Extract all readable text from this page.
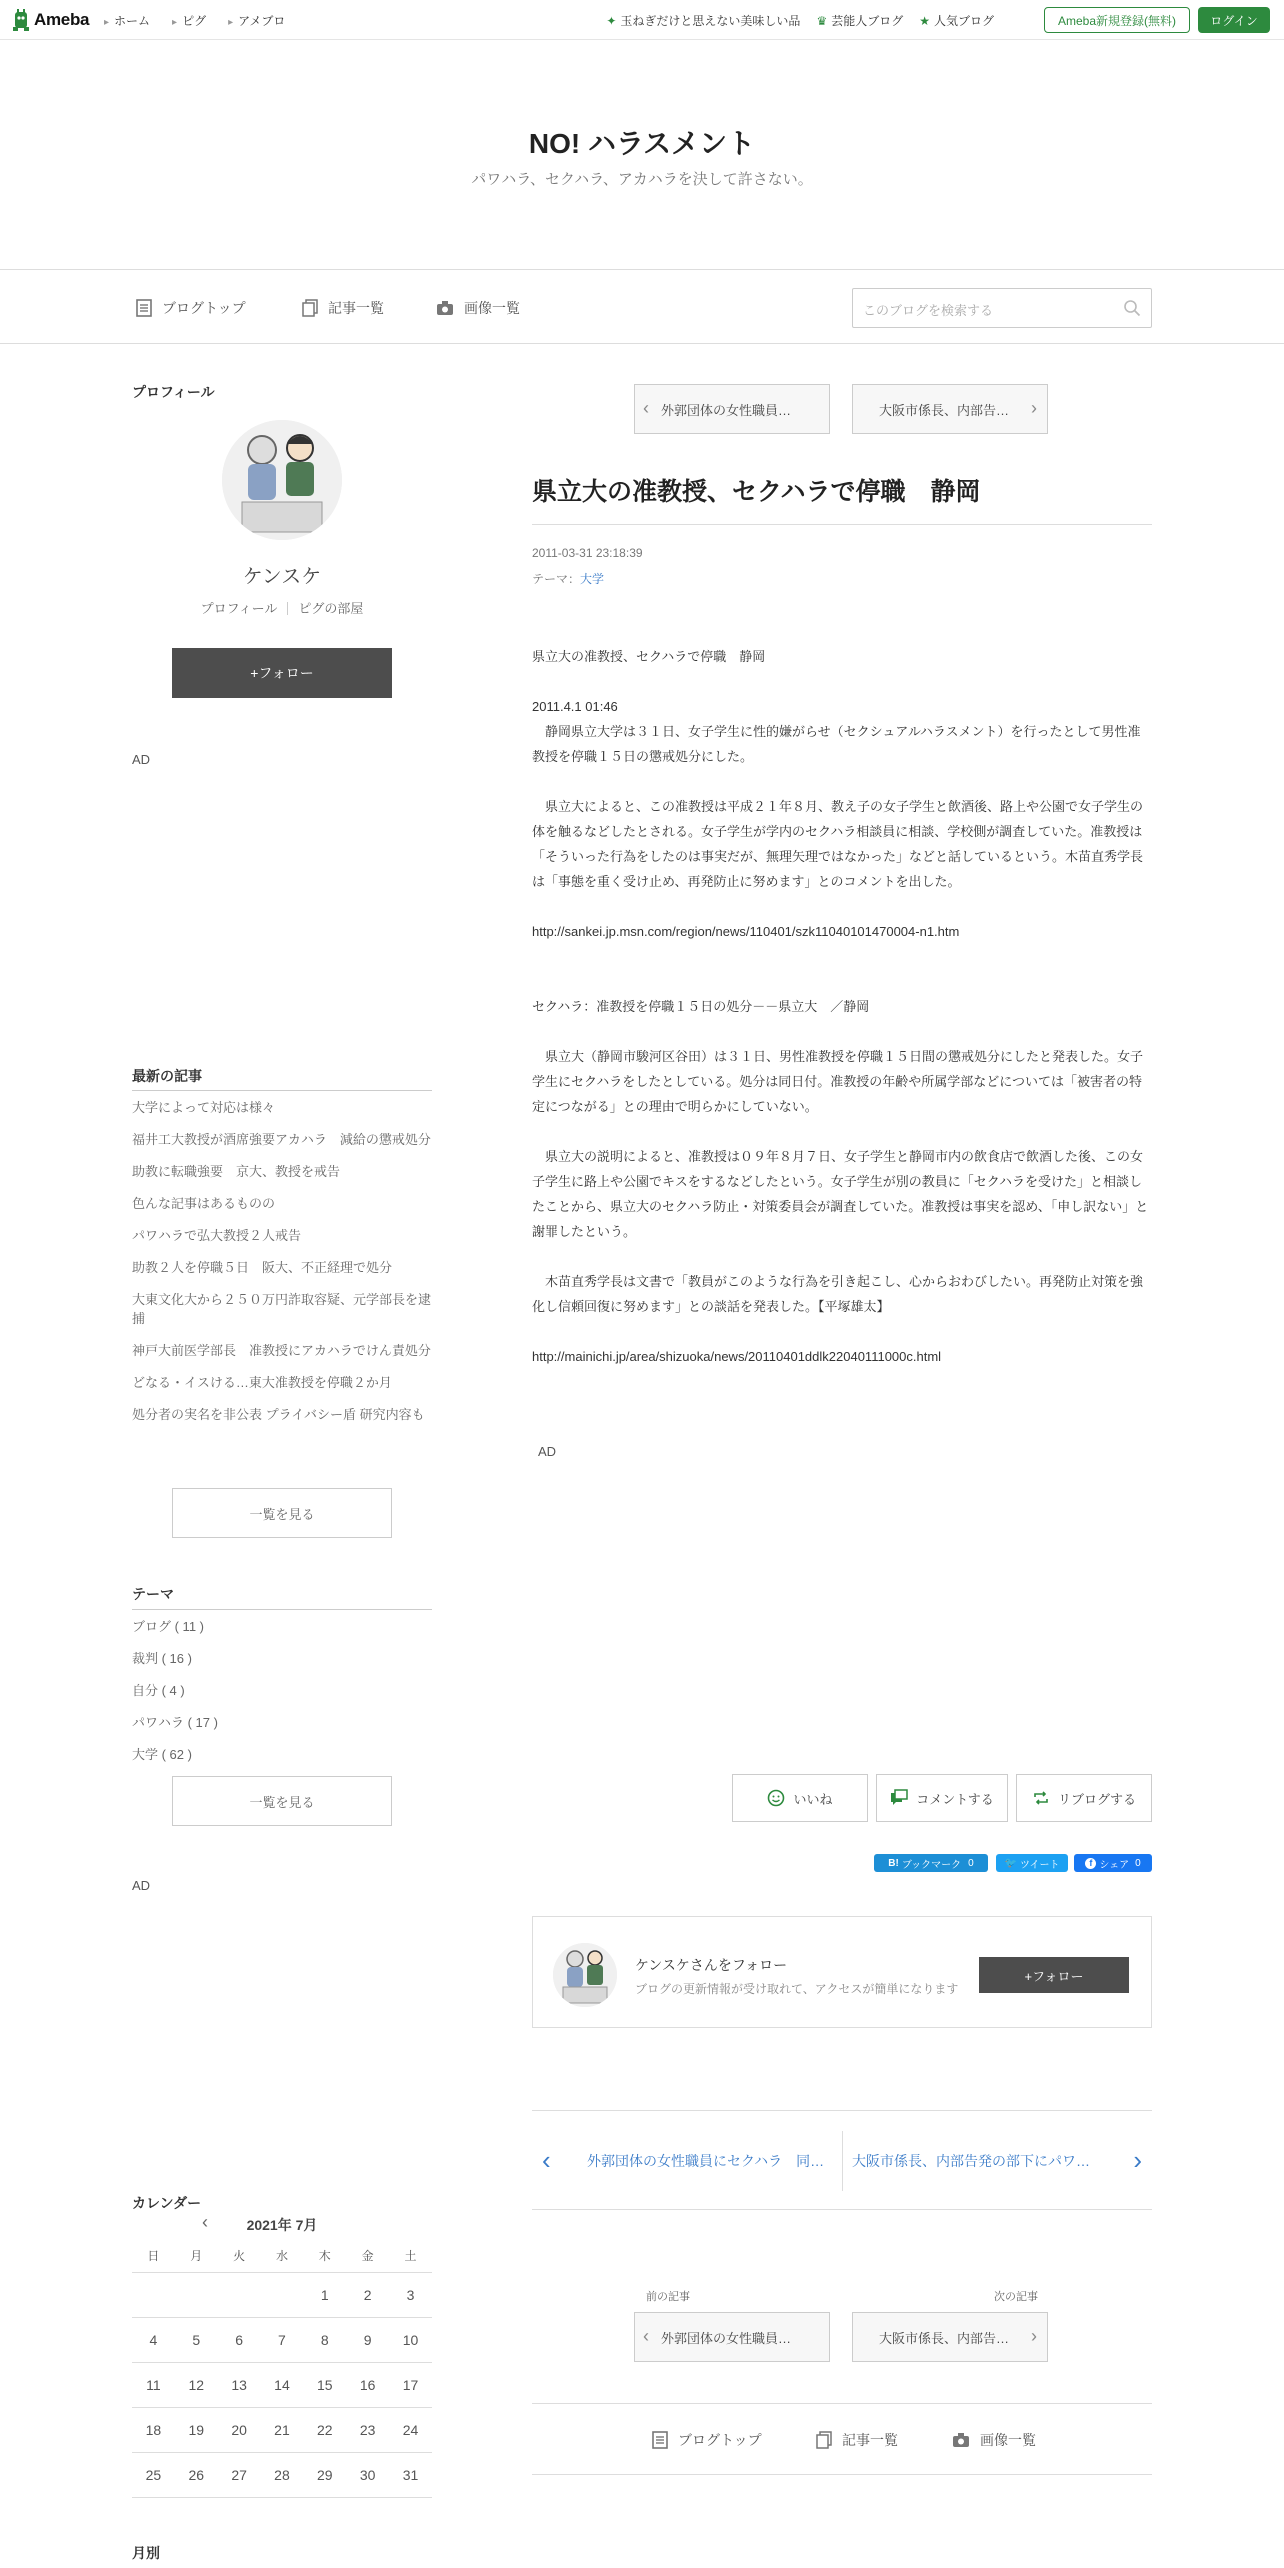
Ameba	▸ ホーム	▸ ピグ	▸ アメブロ	✦ 玉ねぎだけと思えない美味しい品 ♛ 芸能人ブログ ★ 人気ブログ	Ameba新規登録(無料)	ログイン
NO! ハラスメント
パワハラ、セクハラ、アカハラを決して許さない。
ブログトップ	記事一覧	画像一覧	このブログを検索する
プロフィール
ケンスケ
プロフィール ピグの部屋
+フォロー
AD
最新の記事
大学によって対応は様々
福井工大教授が酒席強要アカハラ　減給の懲戒処分
助教に転職強要　京大、教授を戒告
色んな記事はあるものの
パワハラで弘大教授２人戒告
助教２人を停職５日　阪大、不正経理で処分
大東文化大から２５０万円詐取容疑、元学部長を逮捕
神戸大前医学部長　准教授にアカハラでけん責処分
どなる・イスける…東大准教授を停職２か月
処分者の実名を非公表 プライバシー盾 研究内容も
一覧を見る
テーマ
ブログ ( 11 )
裁判 ( 16 )
自分 ( 4 )
パワハラ ( 17 )
大学 ( 62 )
一覧を見る
AD
カレンダー
‹	2021年 7月
日	月	火	水	木	金	土
				1	2	3
4	5	6	7	8	9	10
11	12	13	14	15	16	17
18	19	20	21	22	23	24
25	26	27	28	29	30	31
月別
‹ 外郭団体の女性職員…	大阪市係長、内部告… ›
県立大の准教授、セクハラで停職　静岡
2011-03-31 23:18:39
テーマ：大学

県立大の准教授、セクハラで停職　静岡

2011.4.1 01:46

　静岡県立大学は３１日、女子学生に性的嫌がらせ（セクシュアルハラスメント）を行ったとして男性准教授を停職１５日の懲戒処分にした。

　県立大によると、この准教授は平成２１年８月、教え子の女子学生と飲酒後、路上や公園で女子学生の体を触るなどしたとされる。女子学生が学内のセクハラ相談員に相談、学校側が調査していた。准教授は「そういった行為をしたのは事実だが、無理矢理ではなかった」などと話しているという。木苗直秀学長は「事態を重く受け止め、再発防止に努めます」とのコメントを出した。

http://sankei.jp.msn.com/region/news/110401/szk11040101470004-n1.htm

セクハラ：准教授を停職１５日の処分－－県立大　／静岡

　県立大（静岡市駿河区谷田）は３１日、男性准教授を停職１５日間の懲戒処分にしたと発表した。女子学生にセクハラをしたとしている。処分は同日付。准教授の年齢や所属学部などについては「被害者の特定につながる」との理由で明らかにしていない。

　県立大の説明によると、准教授は０９年８月７日、女子学生と静岡市内の飲食店で飲酒した後、この女子学生に路上や公園でキスをするなどしたという。女子学生が別の教員に「セクハラを受けた」と相談したことから、県立大のセクハラ防止・対策委員会が調査していた。准教授は事実を認め、「申し訳ない」と謝罪したという。

　木苗直秀学長は文書で「教員がこのような行為を引き起こし、心からおわびしたい。再発防止対策を強化し信頼回復に努めます」との談話を発表した。【平塚雄太】

http://mainichi.jp/area/shizuoka/news/20110401ddlk22040111000c.html

AD
いいね	コメントする	リブログする
B! ブックマーク 0	🐦 ツイート	f シェア 0
ケンスケさんをフォロー
ブログの更新情報が受け取れて、アクセスが簡単になります
+フォロー
‹	外郭団体の女性職員にセクハラ　同…	大阪市係長、内部告発の部下にパワ… ›
前の記事	次の記事
‹ 外郭団体の女性職員…	大阪市係長、内部告… ›
ブログトップ	記事一覧	画像一覧
